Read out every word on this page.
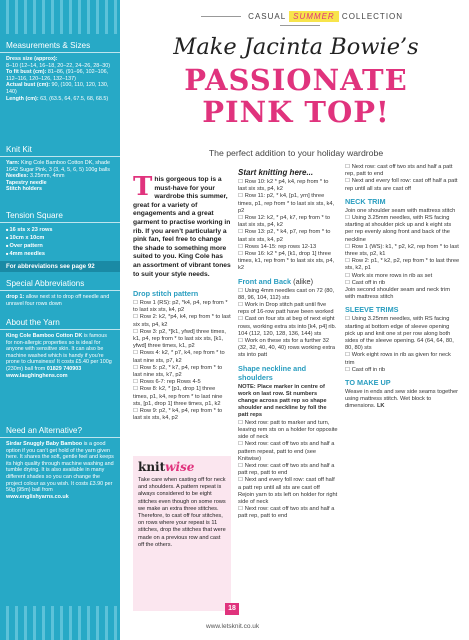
Measurements & Sizes
Dress size (approx):
8–10 (12–14, 16–18, 20–22, 24–26, 28–30)
To fit bust (cm): 81–86, (91–96, 102–106, 112–116, 120–126, 132–137)
Actual bust (cm): 90, (100, 110, 120, 130, 140)
Length (cm): 63, (63.5, 64, 67.5, 68, 68.5)
Knit Kit
Yarn: King Cole Bamboo Cotton DK, shade 1642 Sugar Pink, 3 (3, 4, 5, 6, 5) 100g balls
Needles: 3.25mm, 4mm
Tapestry needle
Stitch holders
Tension Square
■ 16 sts x 23 rows
■ 10cm x 10cm
■ Over pattern
■ 4mm needles
For abbreviations see page 92
Special Abbreviations
drop 1: allow next st to drop off needle and unravel four rows down
About the Yarn
King Cole Bamboo Cotton DK is famous for non-allergic properties so is ideal for anyone with sensitive skin. It can also be machine washed which is handy if you’re prone to clumsiness! It costs £5.40 per 100g (230m) ball from 01829 740903
www.laughinghens.com
Need an Alternative?
Sirdar Snuggly Baby Bamboo is a good option if you can’t get hold of the yarn given here. It shares the soft, gentle feel and keeps its high quality through machine washing and tumble drying. It is also available in many different shades so you can change the project colour as you wish. It costs £3.90 per 50g (95m) ball from
www.englishyarns.co.uk
CASUAL SUMMER COLLECTION
Make Jacinta Bowie’s
PASSIONATE
PINK TOP!
The perfect addition to your holiday wardrobe
T his gorgeous top is a must-have for your wardrobe this summer, great for a variety of engagements and a great garment to practise working in rib. If you aren’t particularly a pink fan, feel free to change the shade to something more suited to you. King Cole has an assortment of vibrant tones to suit your style needs.
Drop stitch pattern
☐ Row 1 (RS): p2, *k4, p4, rep from * to last six sts, k4, p2
☐ Row 2: k2, *p4, k4, rep from * to last six sts, p4, k2
☐ Row 3: p2, *[k1, yfwd] three times, k1, p4, rep from * to last six sts, [k1, yfwd] three times, k1, p2
☐ Rows 4: k2, * p7, k4, rep from * to last nine sts, p7, k2
☐ Row 5: p2, * k7, p4, rep from * to last nine sts, k7, p2
☐ Rows 6-7: rep Rows 4-5
☐ Row 8: k2, * [p1, drop 1] three times, p1, k4, rep from * to last nine sts, [p1, drop 1] three times, p1, k2
☐ Row 9: p2, * k4, p4, rep from * to last six sts, k4, p2
knitwise
Take care when casting off for neck and shoulders. A pattern repeat is always considered to be eight stitches even though on some rows we make an extra three stitches. Therefore, to cast off four stitches, on rows where your repeat is 11 stitches, drop the stitches that were made on a previous row and cast off the others.
Start knitting here...
☐ Row 10: k2 * p4, k4, rep from * to last six sts, p4, k2
☐ Row 11: p2, * k4, [p1, yrn] three times, p1, rep from * to last six sts, k4, p2
☐ Row 12: k2, * p4, k7, rep from * to last six sts, p4, k2
☐ Row 13: p2, * k4, p7, rep from * to last six sts, k4, p2
☐ Rows 14-15: rep rows 12-13
☐ Row 16: k2 * p4, [k1, drop 1] three times, k1, rep from * to last six sts, p4, k2
Front and Back (alike)
☐ Using 4mm needles cast on 72 (80, 88, 96, 104, 112) sts
☐ Work in Drop stitch patt until five reps of 16-row patt have been worked
☐ Cast on four sts at beg of next eight rows, working extra sts into [k4, p4] rib. 104 (112, 120, 128, 136, 144) sts
☐ Work on these sts for a further 32 (32, 32, 40, 40, 40) rows working extra sts into patt
Shape neckline and shoulders
NOTE: Place marker in centre of work on last row. St numbers change across patt rep so shape shoulder and neckline by foll the patt reps
☐ Next row: patt to marker and turn, leaving rem sts on a holder for opposite side of neck
☐ Next row: cast off two sts and half a pattern repeat, patt to end (see Knitwise)
☐ Next row: cast off two sts and half a patt rep, patt to end
☐ Next and every foll row: cast off half a patt rep until all sts are cast off
Rejoin yarn to sts left on holder for right side of neck
☐ Next row: cast off two sts and half a patt rep, patt to end
☐ Next row: cast off two sts and half a patt rep, patt to end
☐ Next and every foll row: cast off half a patt rep until all sts are cast off
NECK TRIM
Join one shoulder seam with mattress stitch
☐ Using 3.25mm needles, with RS facing starting at shoulder pick up and k eight sts per rep evenly along front and back of the neckline
☐ Row 1 (WS): k1, * p2, k2, rep from * to last three sts, p2, k1
☐ Row 2: p1, * k2, p2, rep from * to last three sts, k2, p1
☐ Work six more rows in rib as set
☐ Cast off in rib
Join second shoulder seam and neck trim with mattress stitch
SLEEVE TRIMS
☐ Using 3.25mm needles, with RS facing starting at bottom edge of sleeve opening pick up and knit one st per row along both sides of the sleeve opening. 64 (64, 64, 80, 80, 80) sts
☐ Work eight rows in rib as given for neck trim
☐ Cast off in rib
TO MAKE UP
Weave in ends and sew side seams together using mattress stitch. Wet block to dimensions. LK
18
www.letsknit.co.uk
